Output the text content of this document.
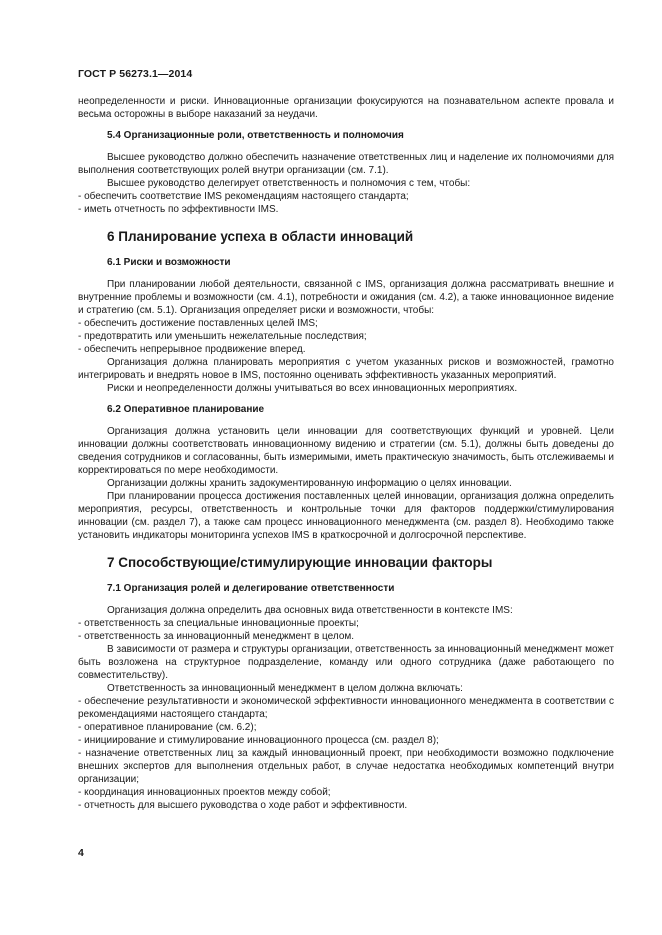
ГОСТ Р 56273.1—2014

неопределенности и риски. Инновационные организации фокусируются на познавательном аспекте провала и весьма осторожны в выборе наказаний за неудачи.

5.4 Организационные роли, ответственность и полномочия

Высшее руководство должно обеспечить назначение ответственных лиц и наделение их полномочиями для выполнения соответствующих ролей внутри организации (см. 7.1).

Высшее руководство делегирует ответственность и полномочия с тем, чтобы:

- обеспечить соответствие IMS рекомендациям настоящего стандарта;

- иметь отчетность по эффективности IMS.

6 Планирование успеха в области инноваций
6.1 Риски и возможности

При планировании любой деятельности, связанной с IMS, организация должна рассматривать внешние и внутренние проблемы и возможности (см. 4.1), потребности и ожидания (см. 4.2), а также инновационное видение и стратегию (см. 5.1). Организация определяет риски и возможности, чтобы:

- обеспечить достижение поставленных целей IMS;

- предотвратить или уменьшить нежелательные последствия;

- обеспечить непрерывное продвижение вперед.

Организация должна планировать мероприятия с учетом указанных рисков и возможностей, грамотно интегрировать и внедрять новое в IMS, постоянно оценивать эффективность указанных мероприятий.

Риски и неопределенности должны учитываться во всех инновационных мероприятиях.

6.2 Оперативное планирование

Организация должна установить цели инновации для соответствующих функций и уровней. Цели инновации должны соответствовать инновационному видению и стратегии (см. 5.1), должны быть доведены до сведения сотрудников и согласованны, быть измеримыми, иметь практическую значимость, быть отслеживаемы и корректироваться по мере необходимости.

Организации должны хранить задокументированную информацию о целях инновации.

При планировании процесса достижения поставленных целей инновации, организация должна определить мероприятия, ресурсы, ответственность и контрольные точки для факторов поддержки/стимулирования инновации (см. раздел 7), а также сам процесс инновационного менеджмента (см. раздел 8). Необходимо также установить индикаторы мониторинга успехов IMS в краткосрочной и долгосрочной перспективе.

7 Способствующие/стимулирующие инновации факторы
7.1 Организация ролей и делегирование ответственности

Организация должна определить два основных вида ответственности в контексте IMS:

- ответственность за специальные инновационные проекты;

- ответственность за инновационный менеджмент в целом.

В зависимости от размера и структуры организации, ответственность за инновационный менеджмент может быть возложена на структурное подразделение, команду или одного сотрудника (даже работающего по совместительству).

Ответственность за инновационный менеджмент в целом должна включать:

- обеспечение результативности и экономической эффективности инновационного менеджмента в соответствии с рекомендациями настоящего стандарта;

- оперативное планирование (см. 6.2);

- инициирование и стимулирование инновационного процесса (см. раздел 8);

- назначение ответственных лиц за каждый инновационный проект, при необходимости возможно подключение внешних экспертов для выполнения отдельных работ, в случае недостатка необходимых компетенций внутри организации;

- координация инновационных проектов между собой;

- отчетность для высшего руководства о ходе работ и эффективности.

4
